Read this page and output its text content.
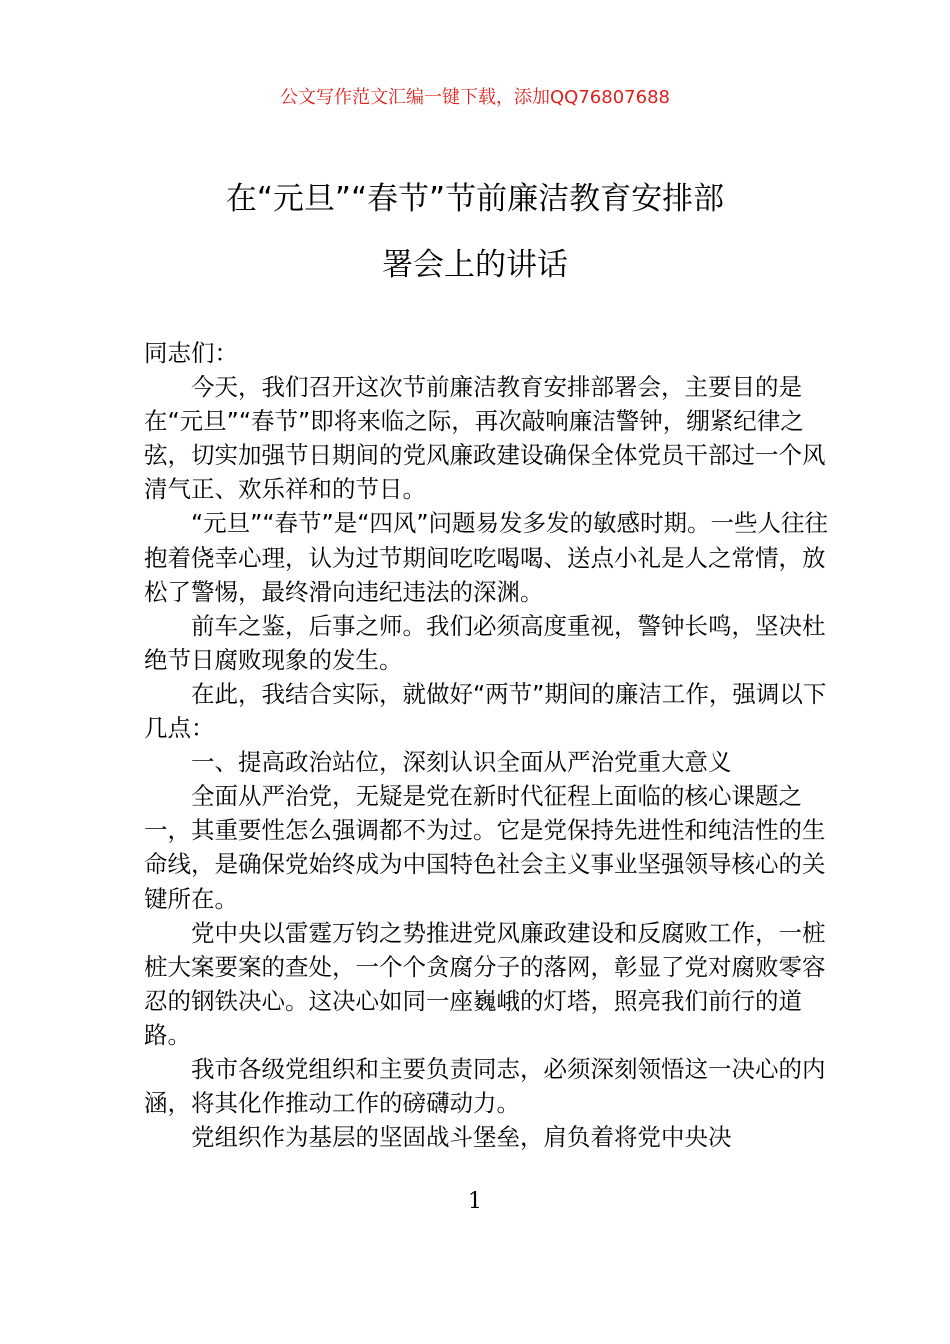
公文写作范文汇编一键下载，添加QQ76807688
在“元旦”“春节”节前廉洁教育安排部
署会上的讲话

同志们：

今天，我们召开这次节前廉洁教育安排部署会，主要目的是在“元旦”“春节”即将来临之际，再次敲响廉洁警钟，绷紧纪律之弦，切实加强节日期间的党风廉政建设确保全体党员干部过一个风清气正、欢乐祥和的节日。

“元旦”“春节”是“四风”问题易发多发的敏感时期。一些人往往抱着侥幸心理，认为过节期间吃吃喝喝、送点小礼是人之常情，放松了警惕，最终滑向违纪违法的深渊。

前车之鉴，后事之师。我们必须高度重视，警钟长鸣，坚决杜绝节日腐败现象的发生。

在此，我结合实际，就做好“两节”期间的廉洁工作，强调以下几点：

一、提高政治站位，深刻认识全面从严治党重大意义

全面从严治党，无疑是党在新时代征程上面临的核心课题之一，其重要性怎么强调都不为过。它是党保持先进性和纯洁性的生命线，是确保党始终成为中国特色社会主义事业坚强领导核心的关键所在。

党中央以雷霆万钧之势推进党风廉政建设和反腐败工作，一桩桩大案要案的查处，一个个贪腐分子的落网，彰显了党对腐败零容忍的钢铁决心。这决心如同一座巍峨的灯塔，照亮我们前行的道路。

我市各级党组织和主要负责同志，必须深刻领悟这一决心的内涵，将其化作推动工作的磅礴动力。

党组织作为基层的坚固战斗堡垒，肩负着将党中央决

1
